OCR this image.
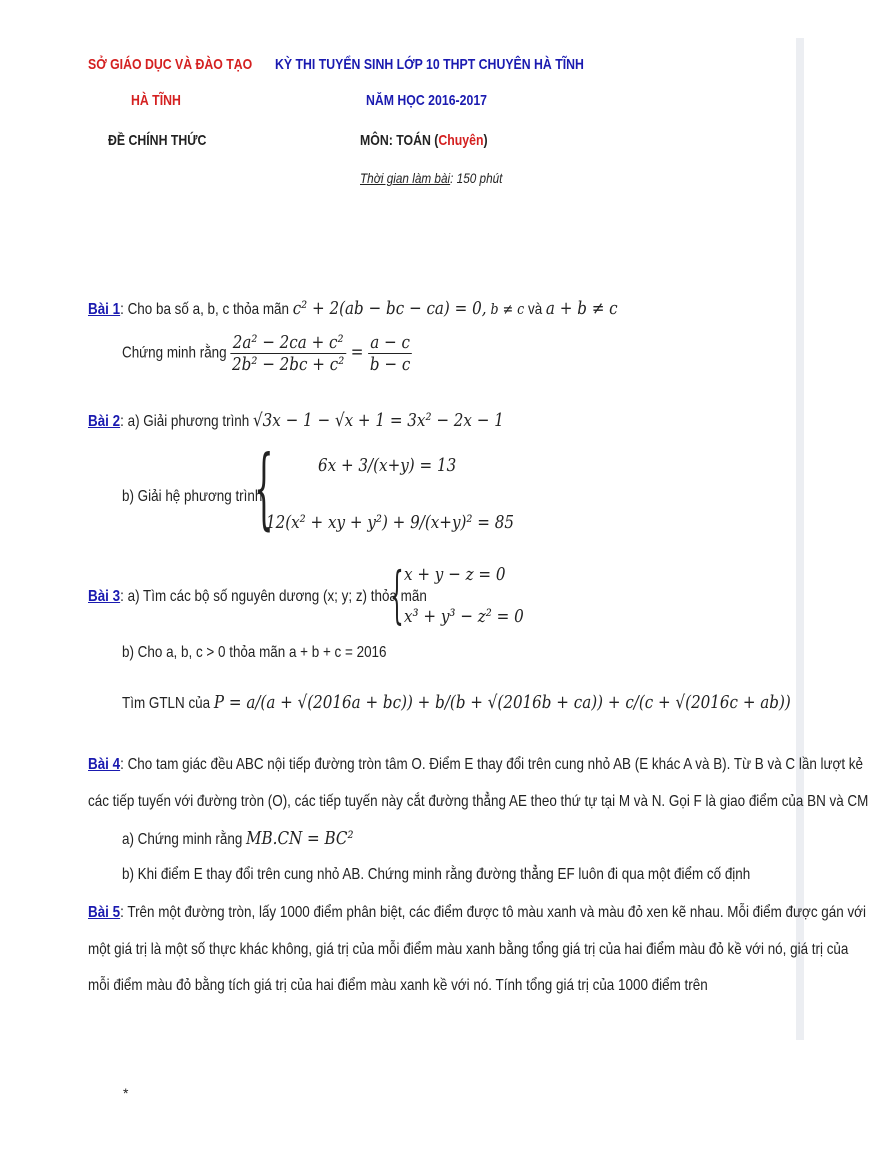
SỞ GIÁO DỤC VÀ ĐÀO TẠO
HÀ TĨNH
ĐỀ CHÍNH THỨC
KỲ THI TUYỂN SINH LỚP 10 THPT CHUYÊN HÀ TĨNH
NĂM HỌC 2016-2017
MÔN: TOÁN (Chuyên)
Thời gian làm bài: 150 phút
Bài 1: Cho ba số a, b, c thỏa mãn c² + 2(ab − bc − ca) = 0, b ≠ c và a + b ≠ c
Chứng minh rằng $\frac{\text{2a² − 2ca + c²}}{\text{2b² − 2bc + c²}} = \frac{a - c}{b - c}$
Bài 2: a) Giải phương trình √3x − 1 − √x + 1 = 3x² − 2x − 1
b) Giải hệ phương trình
{ 6x + 3/(x+y) = 13
12(x² + xy + y²) + 9/(x+y)² = 85
Bài 3: a) Tìm các bộ số nguyên dương (x; y; z) thỏa mãn
{ x + y − z = 0
x³ + y³ − z² = 0
b) Cho a, b, c > 0 thỏa mãn a + b + c = 2016
Tìm GTLN của P = a/(a + √(2016a + bc)) + b/(b + √(2016b + ca)) + c/(c + √(2016c + ab))
Bài 4: Cho tam giác đều ABC nội tiếp đường tròn tâm O. Điểm E thay đổi trên cung nhỏ AB (E khác A và B). Từ B và C lần lượt kẻ
các tiếp tuyến với đường tròn (O), các tiếp tuyến này cắt đường thẳng AE theo thứ tự tại M và N. Gọi F là giao điểm của BN và CM
a) Chứng minh rằng MB.CN = BC²
b) Khi điểm E thay đổi trên cung nhỏ AB. Chứng minh rằng đường thẳng EF luôn đi qua một điểm cố định
Bài 5: Trên một đường tròn, lấy 1000 điểm phân biệt, các điểm được tô màu xanh và màu đỏ xen kẽ nhau. Mỗi điểm được gán với
một giá trị là một số thực khác không, giá trị của mỗi điểm màu xanh bằng tổng giá trị của hai điểm màu đỏ kề với nó, giá trị của
mỗi điểm màu đỏ bằng tích giá trị của hai điểm màu xanh kề với nó. Tính tổng giá trị của 1000 điểm trên
*
